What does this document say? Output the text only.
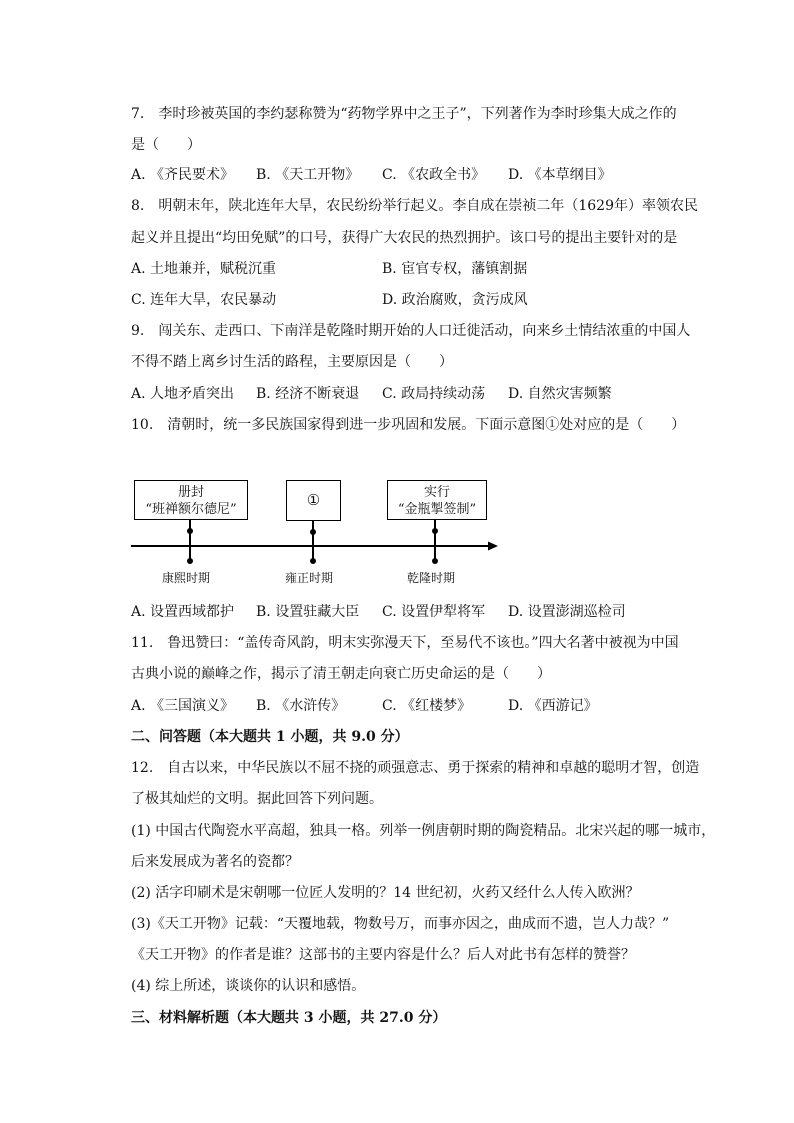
7.　李时珍被英国的李约瑟称赞为“药物学界中之王子”，下列著作为李时珍集大成之作的
是（　　）
A. 《齐民要术》 B. 《天工开物》 C. 《农政全书》 D. 《本草纲目》
8.　明朝末年，陕北连年大旱，农民纷纷举行起义。李自成在崇祯二年（1629年）率领农民
起义并且提出“均田免赋”的口号，获得广大农民的热烈拥护。该口号的提出主要针对的是
A. 土地兼并，赋税沉重	B. 宦官专权，藩镇割据
C. 连年大旱，农民暴动	D. 政治腐败，贪污成风
9.　闯关东、走西口、下南洋是乾隆时期开始的人口迁徙活动，向来乡土情结浓重的中国人
不得不踏上离乡讨生活的路程，主要原因是（　　）
A. 人地矛盾突出 B. 经济不断衰退 C. 政局持续动荡 D. 自然灾害频繁
10.　清朝时，统一多民族国家得到进一步巩固和发展。下面示意图①处对应的是（　　）
册封
“班禅额尔德尼”
①	实行
“金瓶掣签制”
康熙时期	雍正时期	乾隆时期
A. 设置西域都护 B. 设置驻藏大臣 C. 设置伊犁将军 D. 设置澎湖巡检司
11.　鲁迅赞曰：“盖传奇风韵，明末实弥漫天下，至易代不该也。”四大名著中被视为中国
古典小说的巅峰之作，揭示了清王朝走向衰亡历史命运的是（　　）
A. 《三国演义》 B. 《水浒传》	C. 《红楼梦》	D. 《西游记》
二、问答题（本大题共 1 小题，共 9.0 分）
12.　自古以来，中华民族以不屈不挠的顽强意志、勇于探索的精神和卓越的聪明才智，创造
了极其灿烂的文明。据此回答下列问题。
(1) 中国古代陶瓷水平高超，独具一格。列举一例唐朝时期的陶瓷精品。北宋兴起的哪一城市，
后来发展成为著名的瓷都？
(2) 活字印刷术是宋朝哪一位匠人发明的？14 世纪初，火药又经什么人传入欧洲？
(3)《天工开物》记载：“天覆地载，物数号万，而事亦因之，曲成而不遗，岂人力哉？”
《天工开物》的作者是谁？这部书的主要内容是什么？后人对此书有怎样的赞誉？
(4) 综上所述，谈谈你的认识和感悟。
三、材料解析题（本大题共 3 小题，共 27.0 分）
